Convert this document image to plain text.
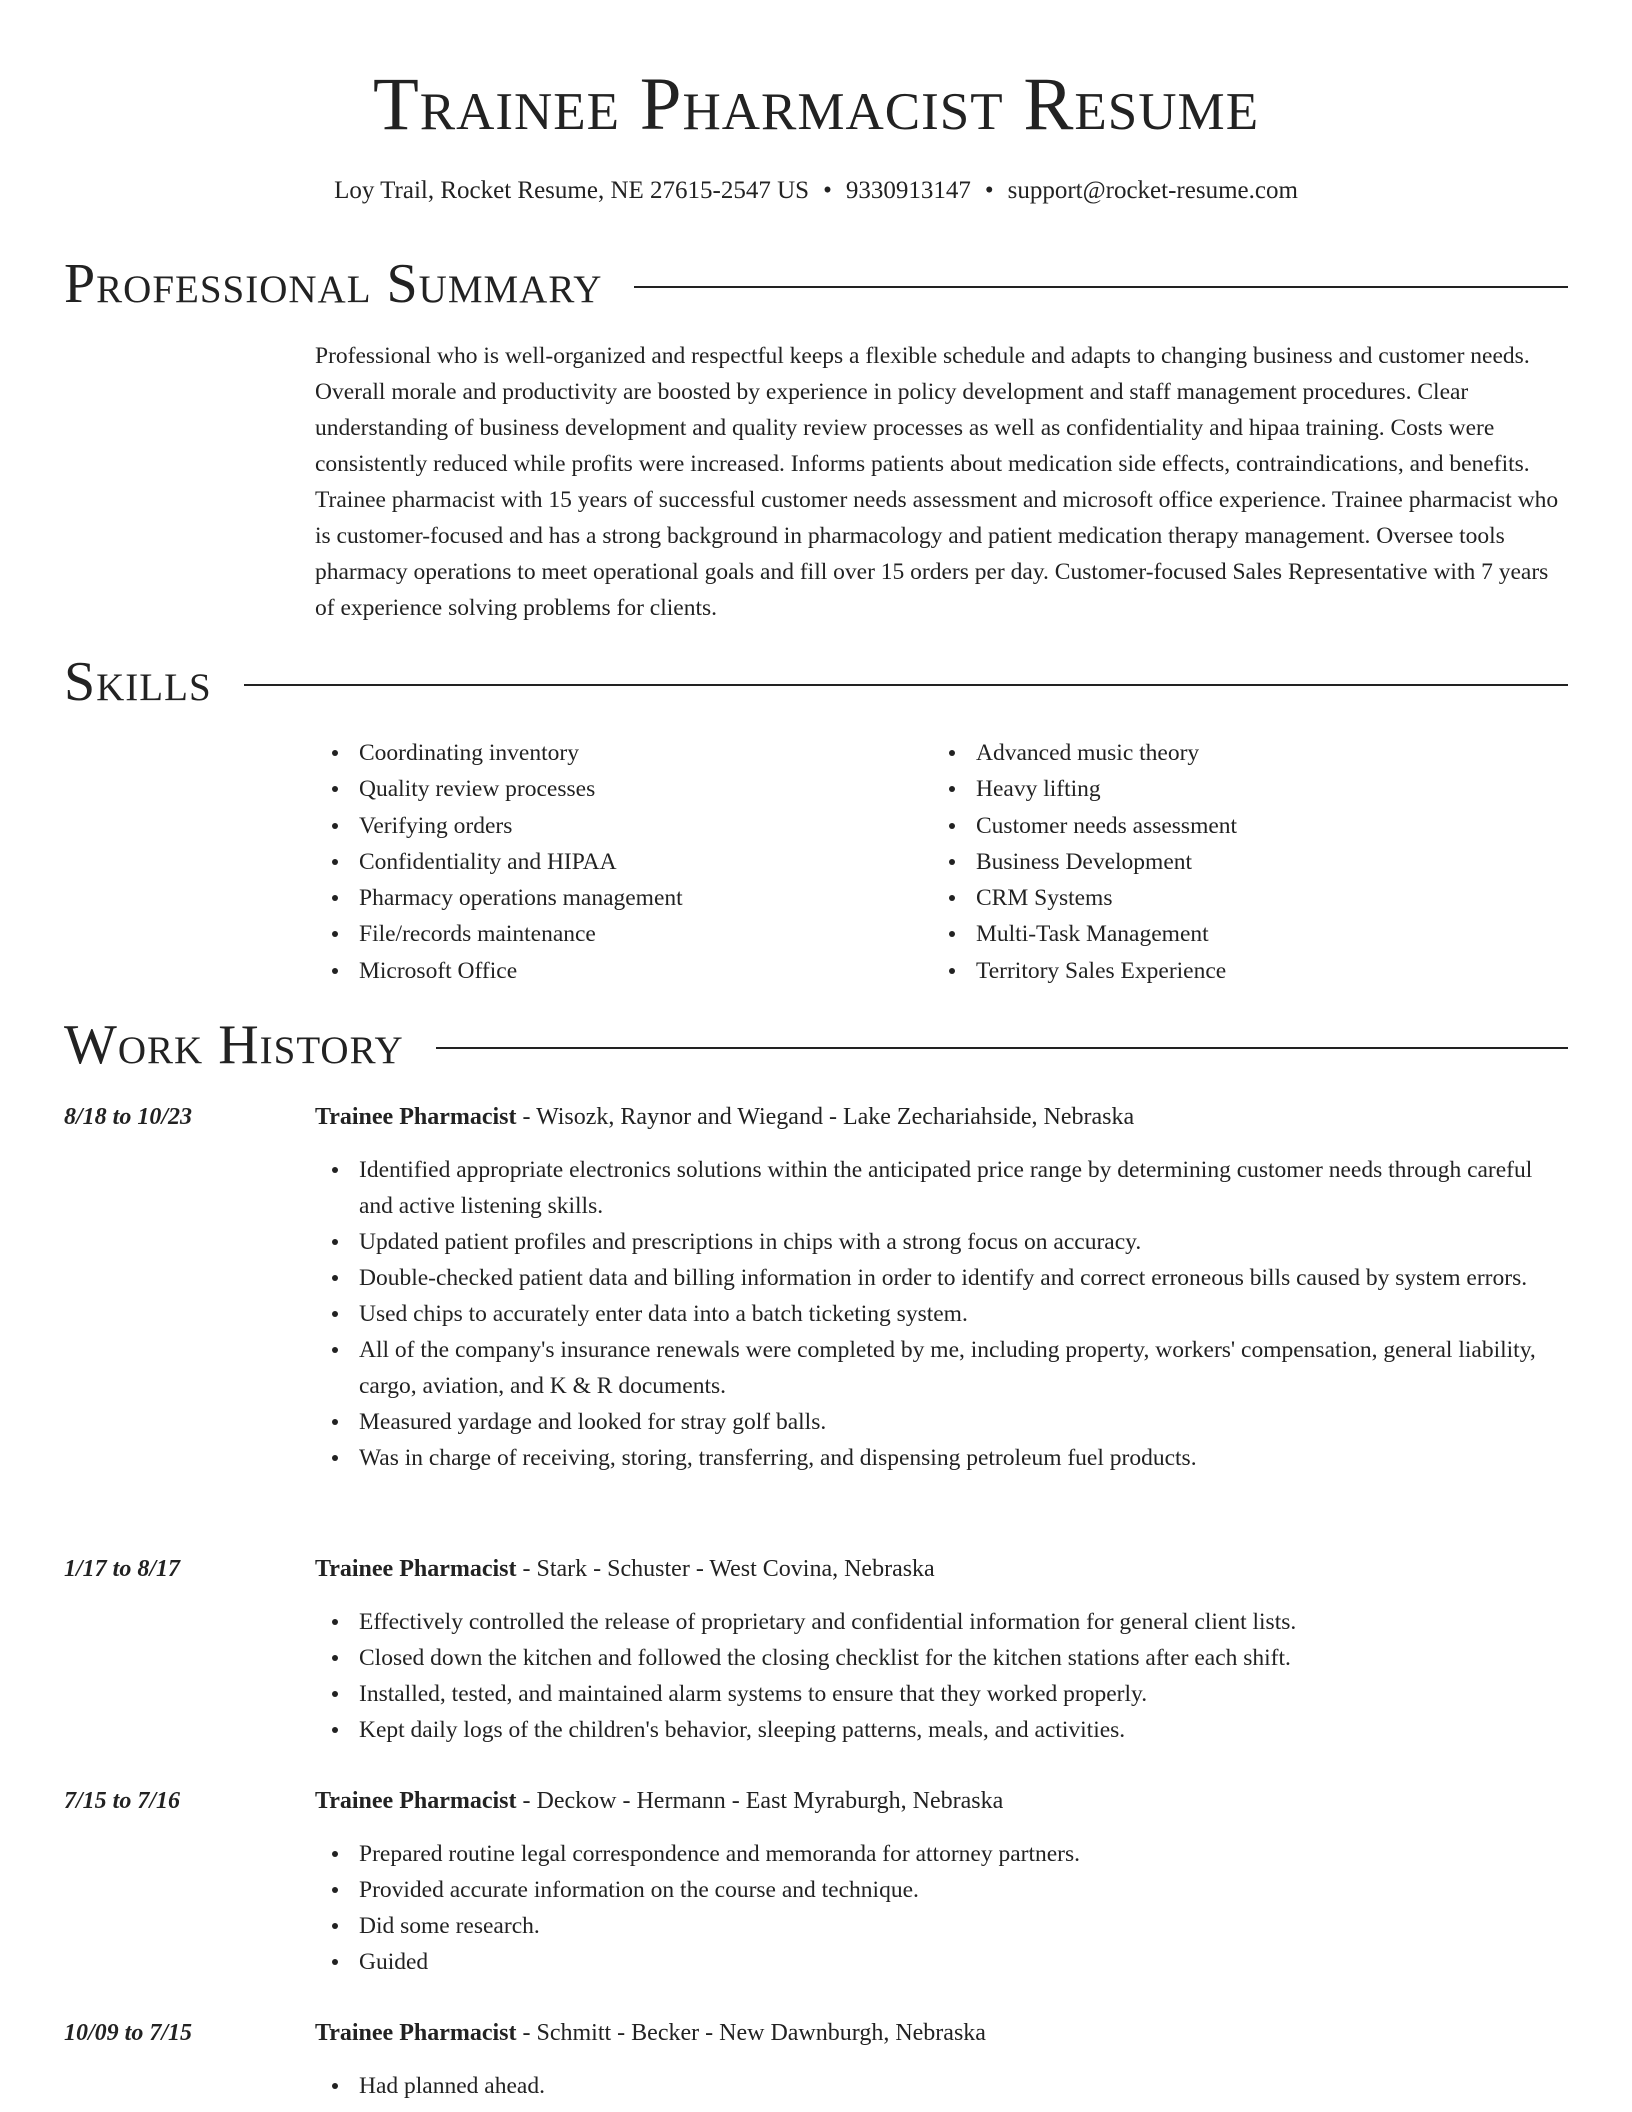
Trainee Pharmacist Resume
Loy Trail, Rocket Resume, NE 27615-2547 US • 9330913147 • support@rocket-resume.com
Professional Summary

Professional who is well-organized and respectful keeps a flexible schedule and adapts to changing business and customer needs. Overall morale and productivity are boosted by experience in policy development and staff management procedures. Clear understanding of business development and quality review processes as well as confidentiality and hipaa training. Costs were consistently reduced while profits were increased. Informs patients about medication side effects, contraindications, and benefits. Trainee pharmacist with 15 years of successful customer needs assessment and microsoft office experience. Trainee pharmacist who is customer-focused and has a strong background in pharmacology and patient medication therapy management. Oversee tools pharmacy operations to meet operational goals and fill over 15 orders per day. Customer-focused Sales Representative with 7 years of experience solving problems for clients.

Skills
Coordinating inventory
Quality review processes
Verifying orders
Confidentiality and HIPAA
Pharmacy operations management
File/records maintenance
Microsoft Office
Advanced music theory
Heavy lifting
Customer needs assessment
Business Development
CRM Systems
Multi-Task Management
Territory Sales Experience
Work History
8/18 to 10/23	Trainee Pharmacist - Wisozk, Raynor and Wiegand - Lake Zechariahside, Nebraska
Identified appropriate electronics solutions within the anticipated price range by determining customer needs through careful and active listening skills.
Updated patient profiles and prescriptions in chips with a strong focus on accuracy.
Double-checked patient data and billing information in order to identify and correct erroneous bills caused by system errors.
Used chips to accurately enter data into a batch ticketing system.
All of the company's insurance renewals were completed by me, including property, workers' compensation, general liability, cargo, aviation, and K & R documents.
Measured yardage and looked for stray golf balls.
Was in charge of receiving, storing, transferring, and dispensing petroleum fuel products.
1/17 to 8/17	Trainee Pharmacist - Stark - Schuster - West Covina, Nebraska
Effectively controlled the release of proprietary and confidential information for general client lists.
Closed down the kitchen and followed the closing checklist for the kitchen stations after each shift.
Installed, tested, and maintained alarm systems to ensure that they worked properly.
Kept daily logs of the children's behavior, sleeping patterns, meals, and activities.
7/15 to 7/16	Trainee Pharmacist - Deckow - Hermann - East Myraburgh, Nebraska
Prepared routine legal correspondence and memoranda for attorney partners.
Provided accurate information on the course and technique.
Did some research.
Guided
10/09 to 7/15	Trainee Pharmacist - Schmitt - Becker - New Dawnburgh, Nebraska
Had planned ahead.
